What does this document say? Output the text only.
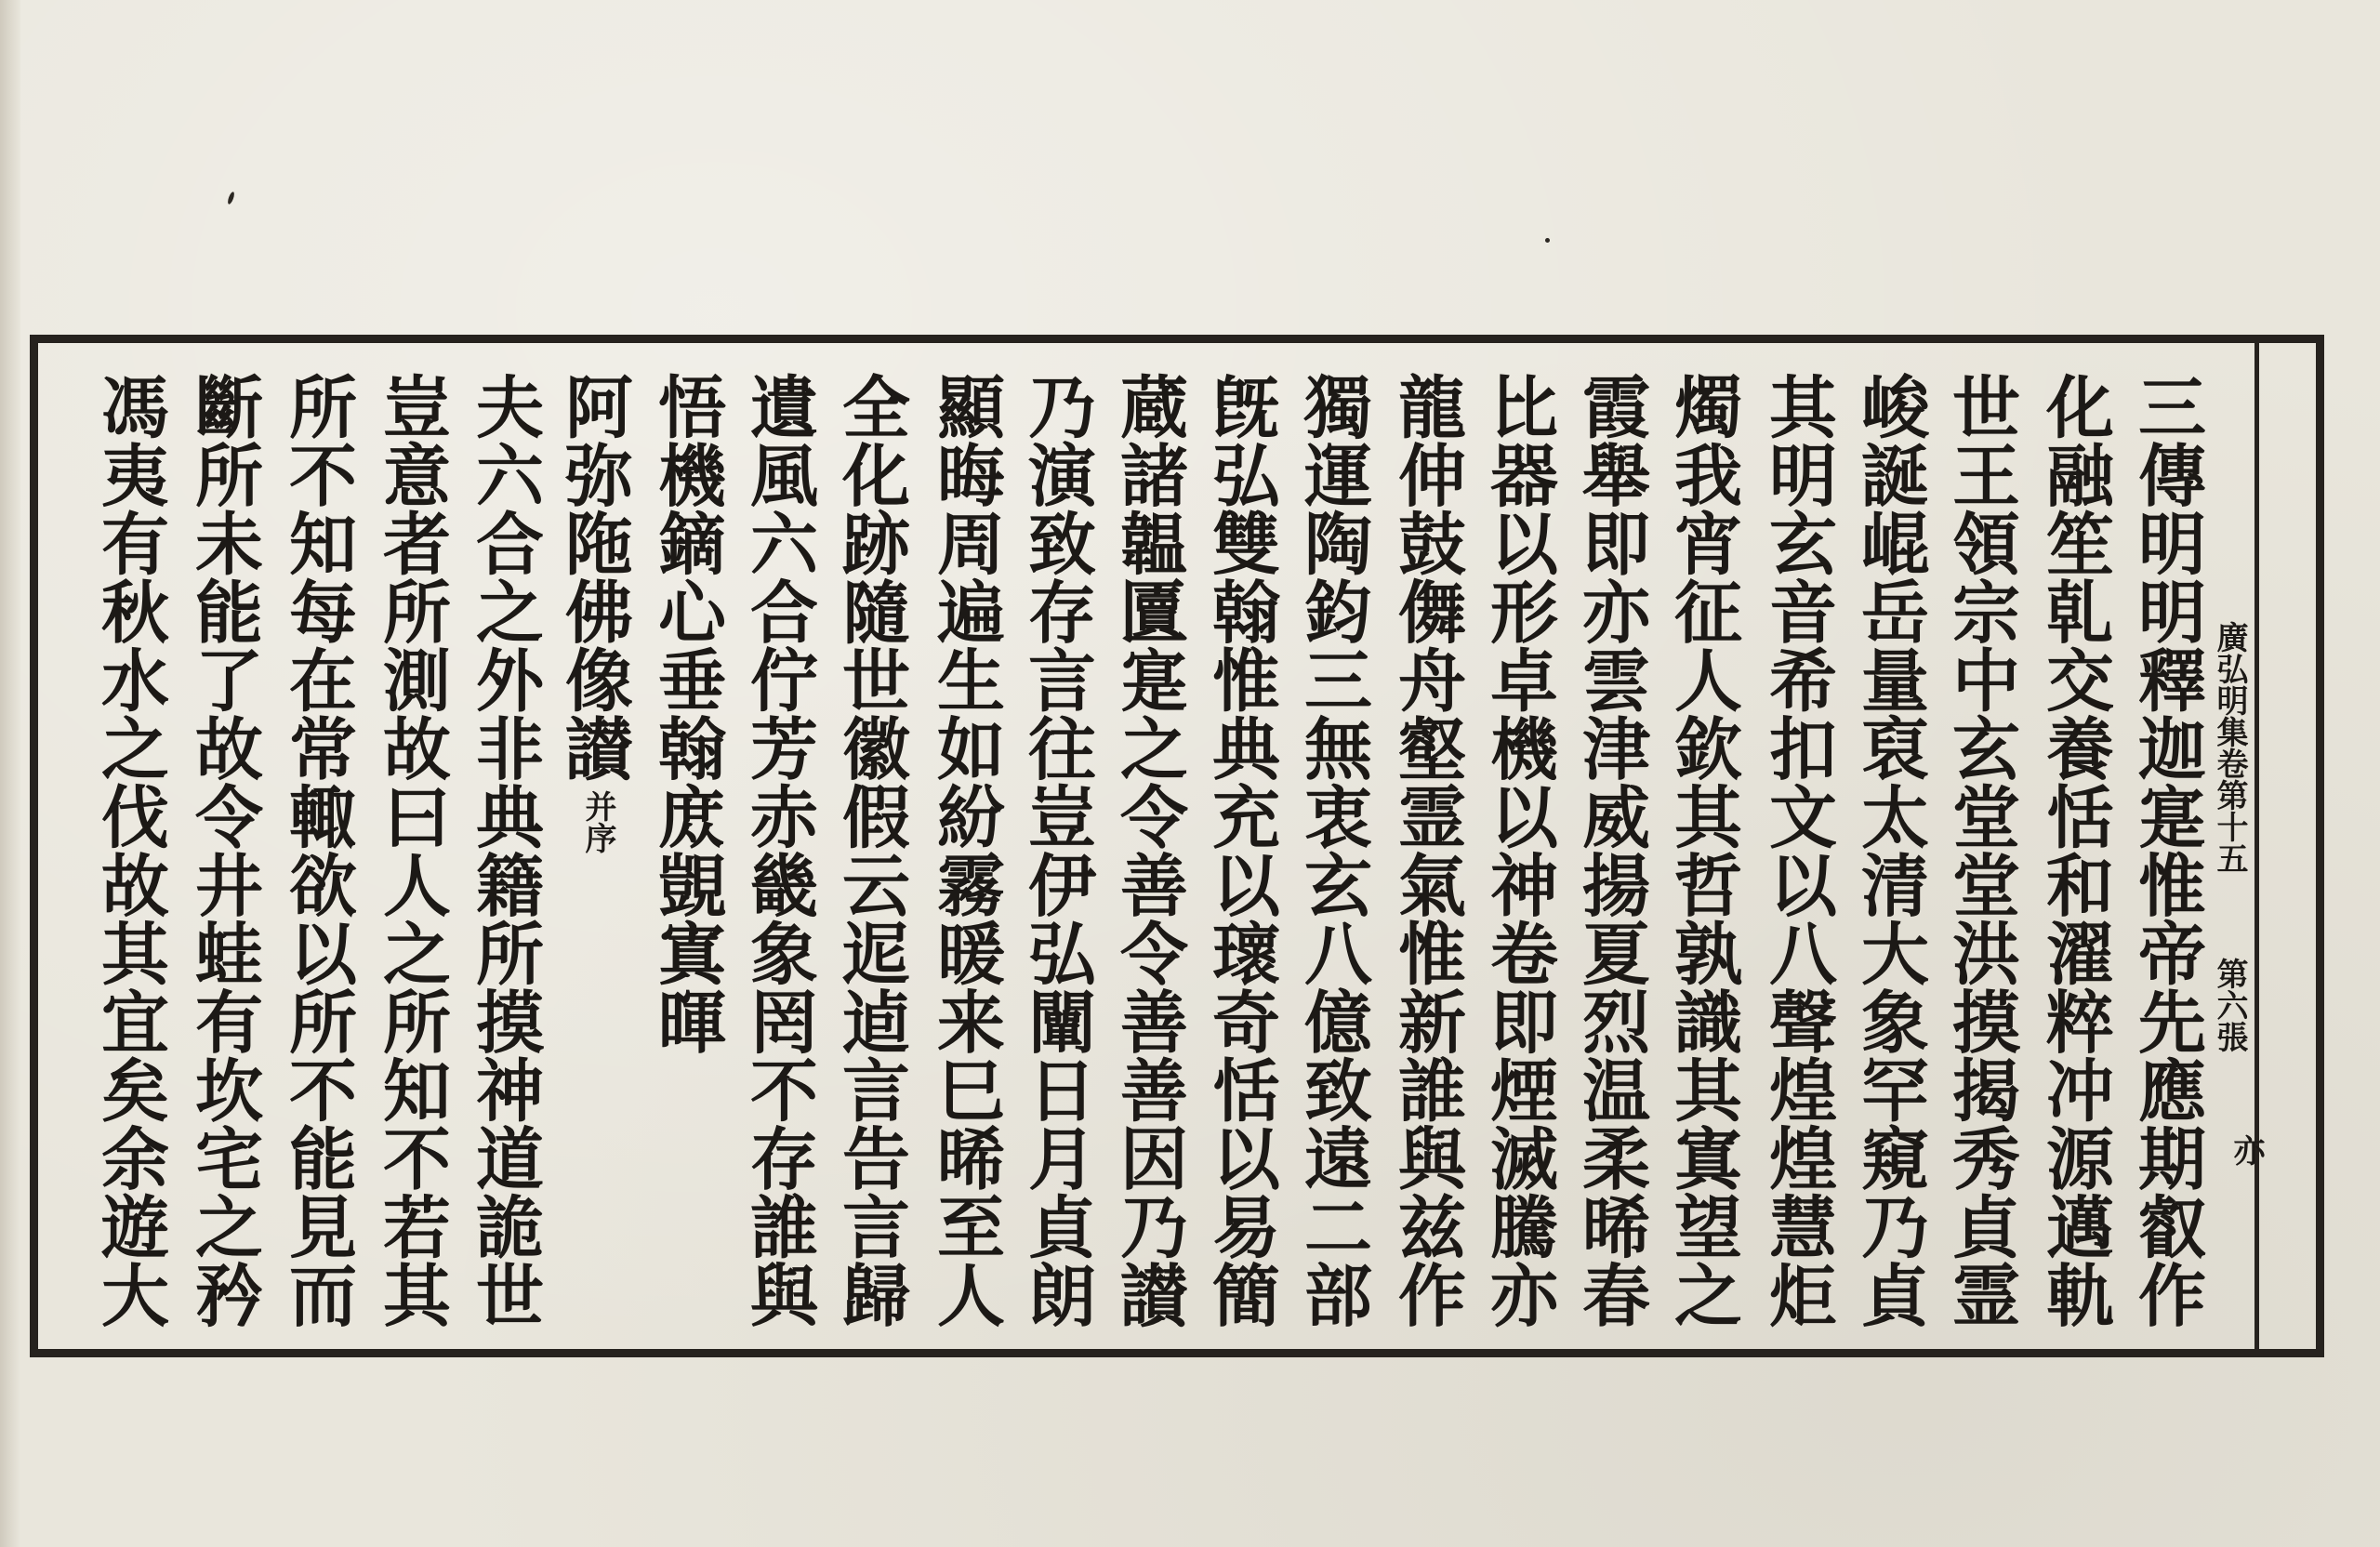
廣弘明集卷第十五
第六張
亦
三傳明明釋迦寔惟帝先應期叡作
化融笙乹交養恬和濯粹冲源邁軌
世王領宗中玄堂堂洪摸揭秀貞霊
峻誕崐岳量裒太清大象罕窺乃貞
其明玄音希扣文以八聲煌煌慧炬
燭我宵征人欽其哲孰識其寘望之
霞舉即亦雲津威揚夏烈温柔晞春
比器以形卓機以神卷即煙滅騰亦
龍伸鼓儛舟壑霊氣惟新誰與兹作
獨運陶鈞三無衷玄八億致遠二部
旣弘雙翰惟典充以瓌奇恬以易簡
蔵諸韞匵寔之令善令善善因乃讃
乃演致存言往豈伊弘闡日月貞朗
顯晦周遍生如紛霧暖来巳晞至人
全化跡隨世徽假云迡逌言告言歸
遺風六合佇芳赤畿象罔不存誰與
悟機鏑心垂翰庻覬寘暉
阿弥陁佛像讃
并序
夫六合之外非典籍所摸神道詭世
豈意者所測故曰人之所知不若其
所不知每在常輙欲以所不能見而
斷所未能了故令井蛙有坎宅之矜
馮夷有秋水之伐故其宜矣余遊大
